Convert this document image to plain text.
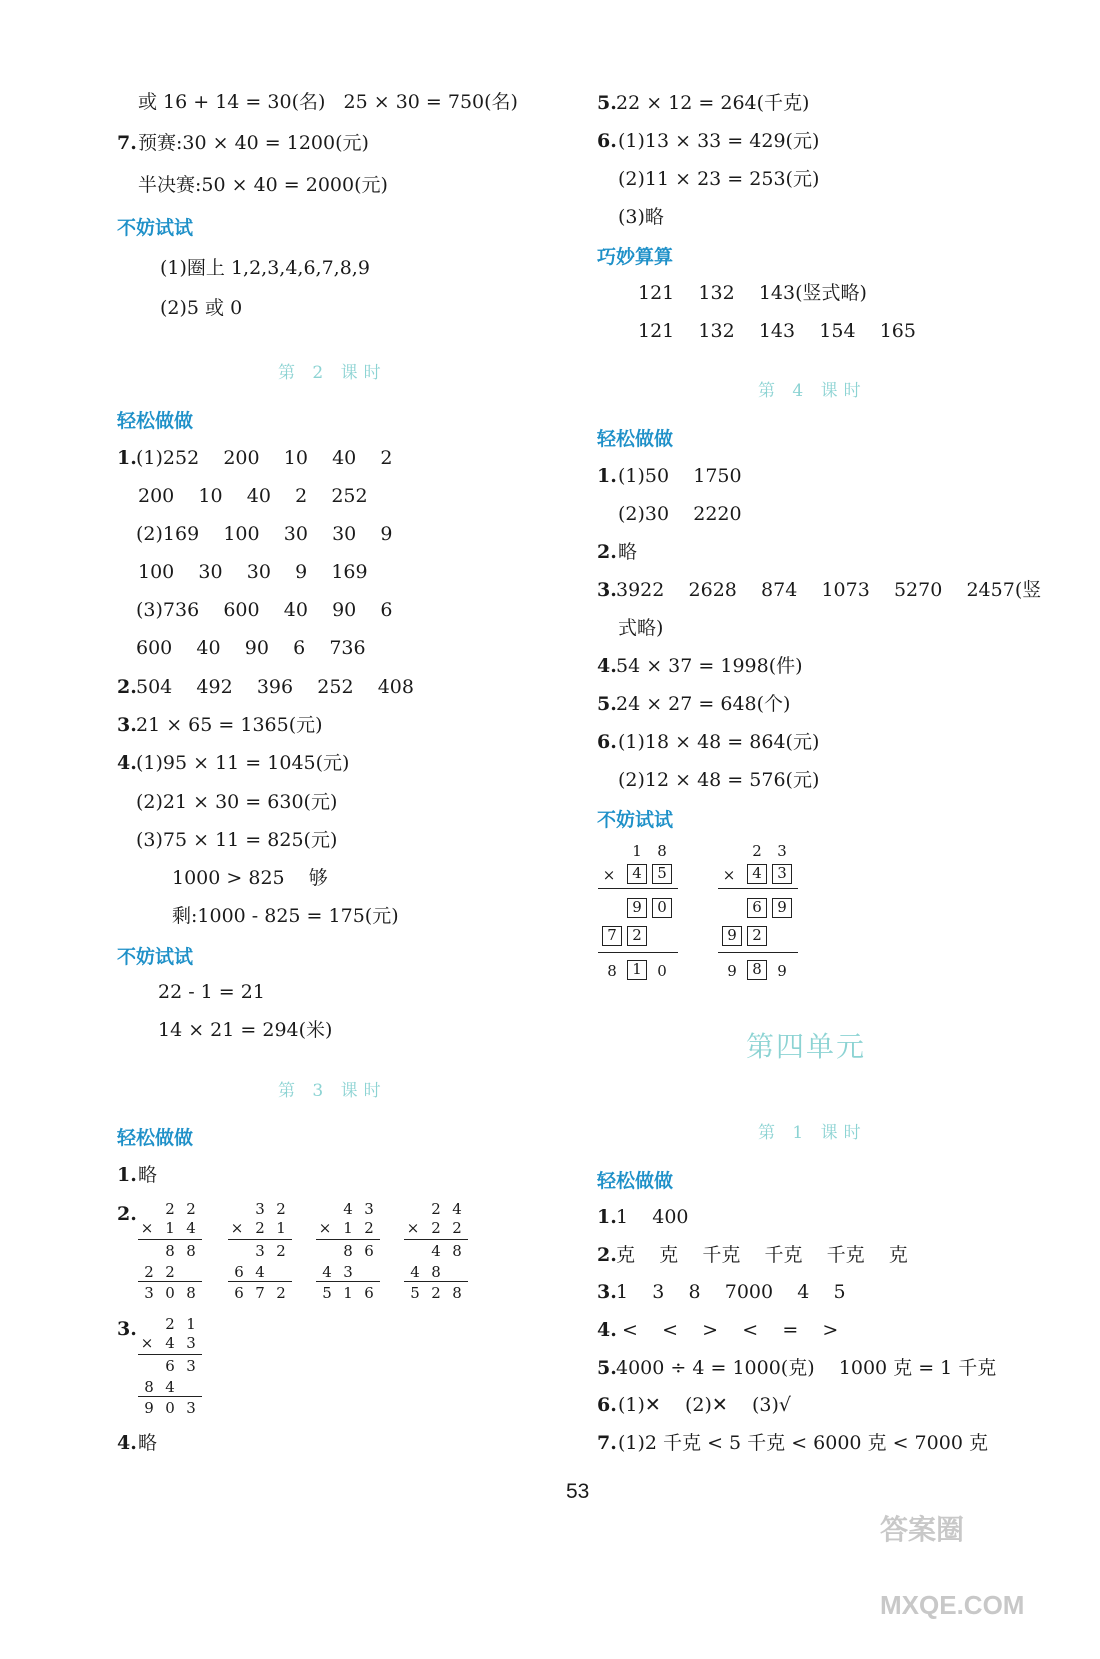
或 16 + 14 = 30(名)   25 × 30 = 750(名)
7. 预赛:30 × 40 = 1200(元)
半决赛:50 × 40 = 2000(元)
不妨试试
(1)圈上 1,2,3,4,6,7,8,9
(2)5 或 0
第 2 课时
轻松做做
1. (1)252    200    10    40    2
200    10    40    2    252
(2)169    100    30    30    9
100    30    30    9    169
(3)736    600    40    90    6
600    40    90    6    736
2. 504    492    396    252    408
3. 21 × 65 = 1365(元)
4. (1)95 × 11 = 1045(元)
(2)21 × 30 = 630(元)
(3)75 × 11 = 825(元)
1000 > 825    够
剩:1000 - 825 = 175(元)
不妨试试
22 - 1 = 21
14 × 21 = 294(米)
第 3 课时
轻松做做
1. 略
2.
3.
4. 略
2 2
× 1 4
8 8
2 2
3 0 8
3 2
× 2 1
3 2
6 4
6 7 2
4 3
× 1 2
8 6
4 3
5 1 6
2 4
× 2 2
4 8
4 8
5 2 8
2 1
× 4 3
6 3
8 4
9 0 3
5. 22 × 12 = 264(千克)
6. (1)13 × 33 = 429(元)
(2)11 × 23 = 253(元)
(3)略
巧妙算算
121    132    143(竖式略)
121    132    143    154    165
第 4 课时
轻松做做
1. (1)50    1750
(2)30    2220
2. 略
3. 3922    2628    874    1073    5270    2457(竖
式略)
4. 54 × 37 = 1998(件)
5. 24 × 27 = 648(个)
6. (1)18 × 48 = 864(元)
(2)12 × 48 = 576(元)
不妨试试
1 8
×	4	5
9	0
7	2
8	1	0
2 3
×	4	3
6	9
9	2
9	8	9
第四单元
第 1 课时
轻松做做
1. 1    400
2. 克    克    千克    千克    千克    克
3. 1    3    8    7000    4    5
4. <    <    >    <    =    >
5. 4000 ÷ 4 = 1000(克)    1000 克 = 1 千克
6. (1)✕    (2)✕    (3)√
7. (1)2 千克 < 5 千克 < 6000 克 < 7000 克
53
答案圈
MXQE.COM
